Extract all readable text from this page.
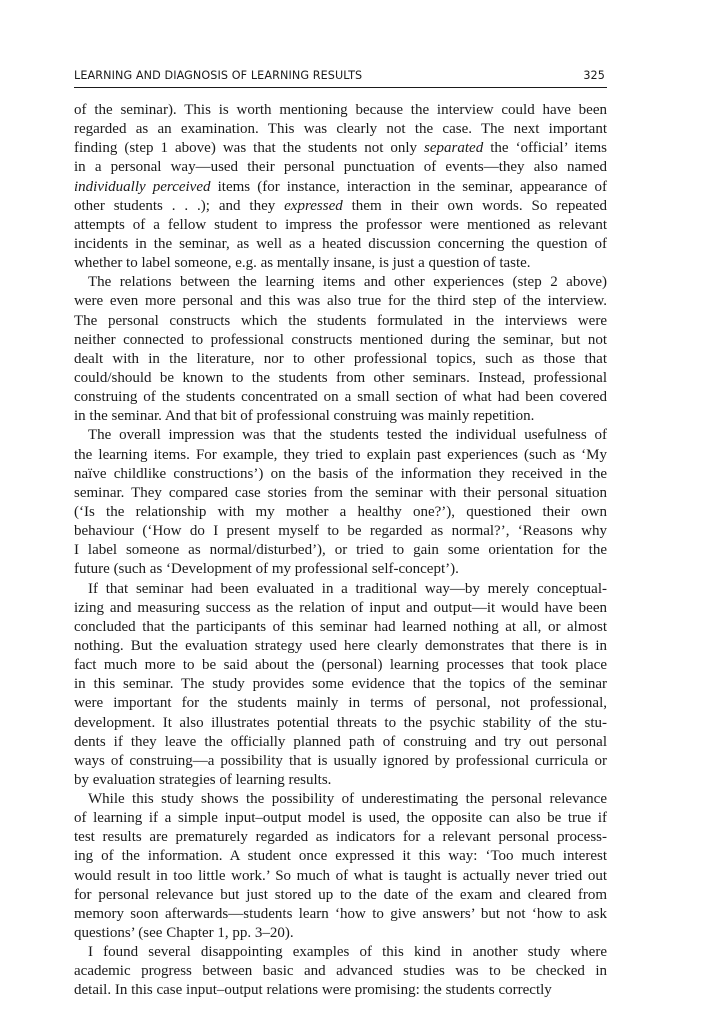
LEARNING AND DIAGNOSIS OF LEARNING RESULTS	325
of the seminar). This is worth mentioning because the interview could have been
regarded as an examination. This was clearly not the case. The next important
finding (step 1 above) was that the students not only separated the ‘official’ items
in a personal way—used their personal punctuation of events—they also named
individually perceived items (for instance, interaction in the seminar, appearance of
other students . . .); and they expressed them in their own words. So repeated
attempts of a fellow student to impress the professor were mentioned as relevant
incidents in the seminar, as well as a heated discussion concerning the question of
whether to label someone, e.g. as mentally insane, is just a question of taste.
The relations between the learning items and other experiences (step 2 above)
were even more personal and this was also true for the third step of the interview.
The personal constructs which the students formulated in the interviews were
neither connected to professional constructs mentioned during the seminar, but not
dealt with in the literature, nor to other professional topics, such as those that
could/should be known to the students from other seminars. Instead, professional
construing of the students concentrated on a small section of what had been covered
in the seminar. And that bit of professional construing was mainly repetition.
The overall impression was that the students tested the individual usefulness of
the learning items. For example, they tried to explain past experiences (such as ‘My
naïve childlike constructions’) on the basis of the information they received in the
seminar. They compared case stories from the seminar with their personal situation
(‘Is the relationship with my mother a healthy one?’), questioned their own
behaviour (‘How do I present myself to be regarded as normal?’, ‘Reasons why
I label someone as normal/disturbed’), or tried to gain some orientation for the
future (such as ‘Development of my professional self-concept’).
If that seminar had been evaluated in a traditional way—by merely conceptual-
izing and measuring success as the relation of input and output—it would have been
concluded that the participants of this seminar had learned nothing at all, or almost
nothing. But the evaluation strategy used here clearly demonstrates that there is in
fact much more to be said about the (personal) learning processes that took place
in this seminar. The study provides some evidence that the topics of the seminar
were important for the students mainly in terms of personal, not professional,
development. It also illustrates potential threats to the psychic stability of the stu-
dents if they leave the officially planned path of construing and try out personal
ways of construing—a possibility that is usually ignored by professional curricula or
by evaluation strategies of learning results.
While this study shows the possibility of underestimating the personal relevance
of learning if a simple input–output model is used, the opposite can also be true if
test results are prematurely regarded as indicators for a relevant personal process-
ing of the information. A student once expressed it this way: ‘Too much interest
would result in too little work.’ So much of what is taught is actually never tried out
for personal relevance but just stored up to the date of the exam and cleared from
memory soon afterwards—students learn ‘how to give answers’ but not ‘how to ask
questions’ (see Chapter 1, pp. 3–20).
I found several disappointing examples of this kind in another study where
academic progress between basic and advanced studies was to be checked in
detail. In this case input–output relations were promising: the students correctly
